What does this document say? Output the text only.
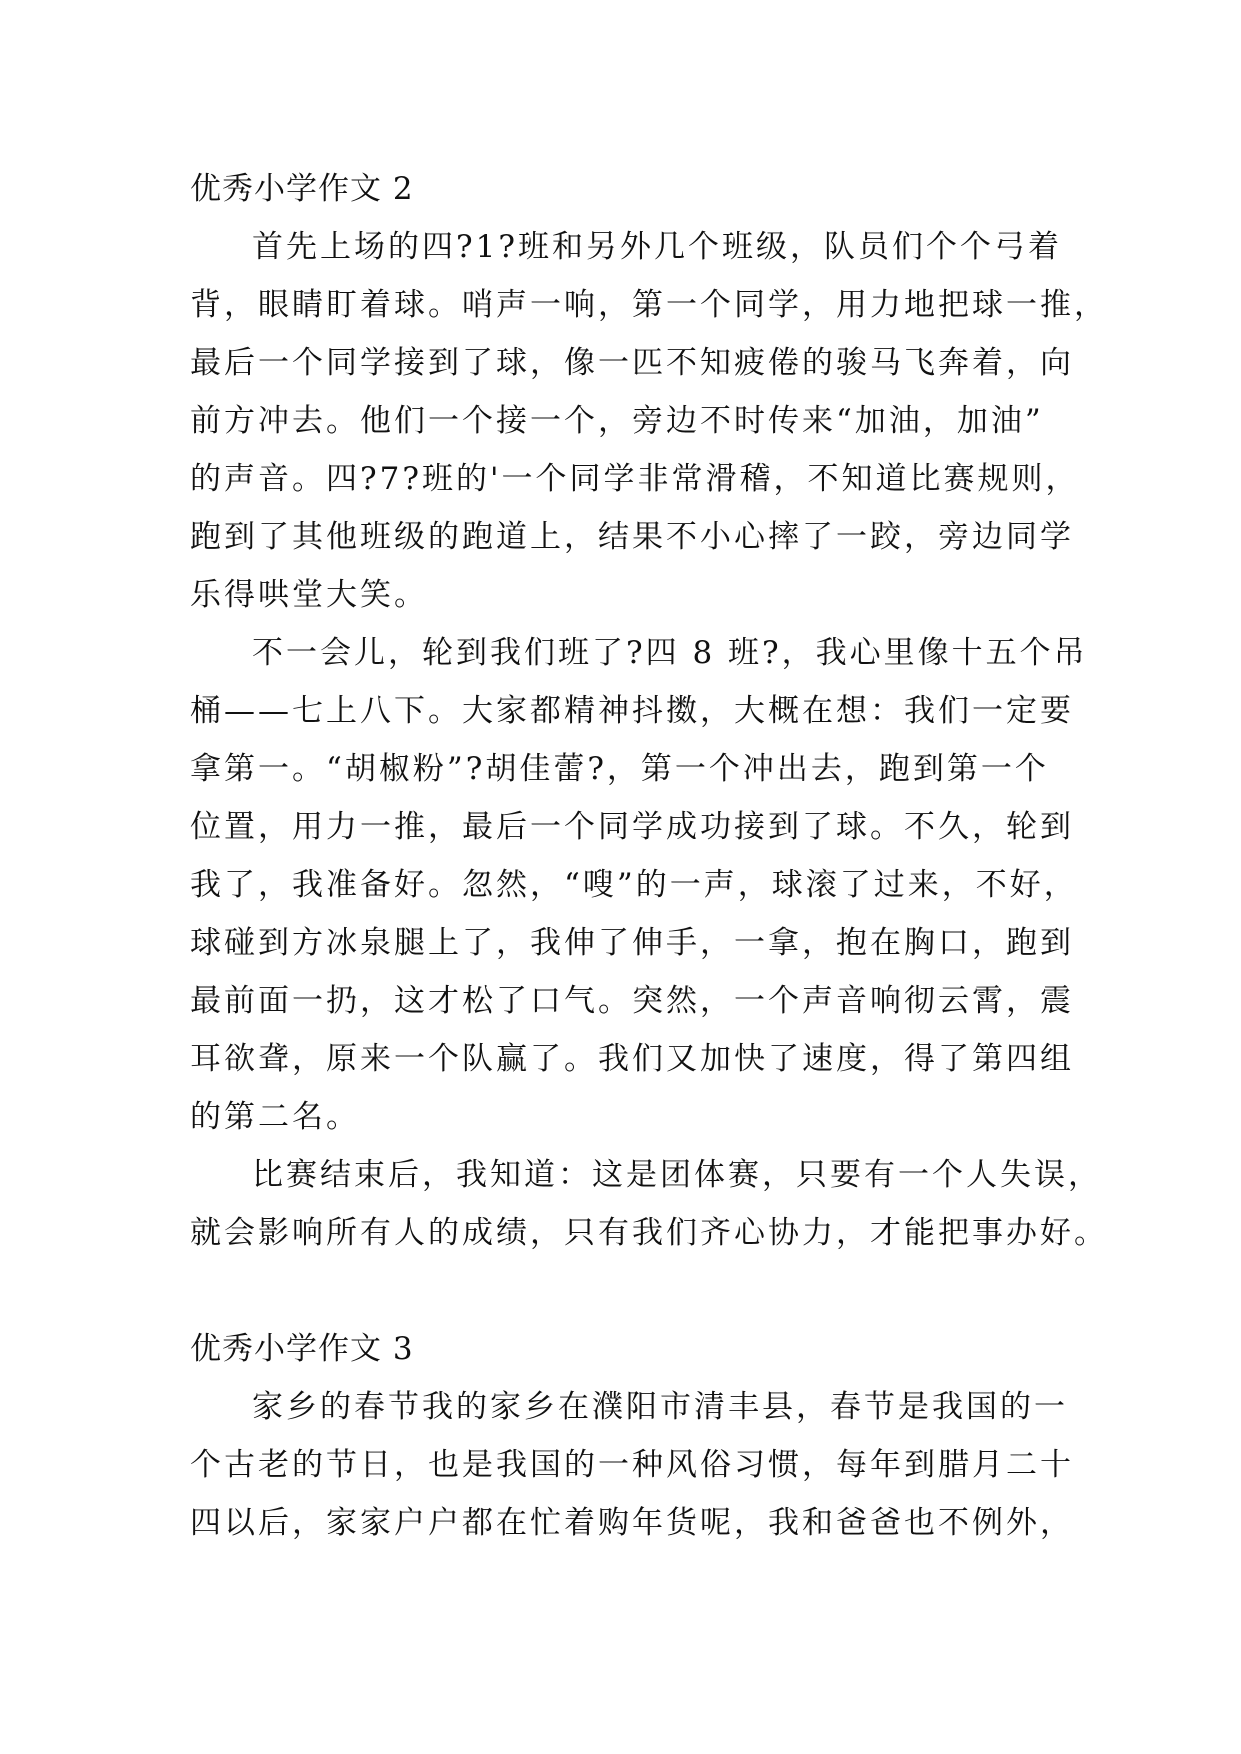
优秀小学作文 2
首先上场的四?1?班和另外几个班级，队员们个个弓着
背，眼睛盯着球。哨声一响，第一个同学，用力地把球一推，
最后一个同学接到了球，像一匹不知疲倦的骏马飞奔着，向
前方冲去。他们一个接一个，旁边不时传来“加油，加油”
的声音。四?7?班的'一个同学非常滑稽，不知道比赛规则，
跑到了其他班级的跑道上，结果不小心摔了一跤，旁边同学
乐得哄堂大笑。
不一会儿，轮到我们班了?四 8 班?，我心里像十五个吊
桶——七上八下。大家都精神抖擞，大概在想：我们一定要
拿第一。“胡椒粉”?胡佳蕾?，第一个冲出去，跑到第一个
位置，用力一推，最后一个同学成功接到了球。不久，轮到
我了，我准备好。忽然，“嗖”的一声，球滚了过来，不好，
球碰到方冰泉腿上了，我伸了伸手，一拿，抱在胸口，跑到
最前面一扔，这才松了口气。突然，一个声音响彻云霄，震
耳欲聋，原来一个队赢了。我们又加快了速度，得了第四组
的第二名。
比赛结束后，我知道：这是团体赛，只要有一个人失误，
就会影响所有人的成绩，只有我们齐心协力，才能把事办好。
优秀小学作文 3
家乡的春节我的家乡在濮阳市清丰县，春节是我国的一
个古老的节日，也是我国的一种风俗习惯，每年到腊月二十
四以后，家家户户都在忙着购年货呢，我和爸爸也不例外，
